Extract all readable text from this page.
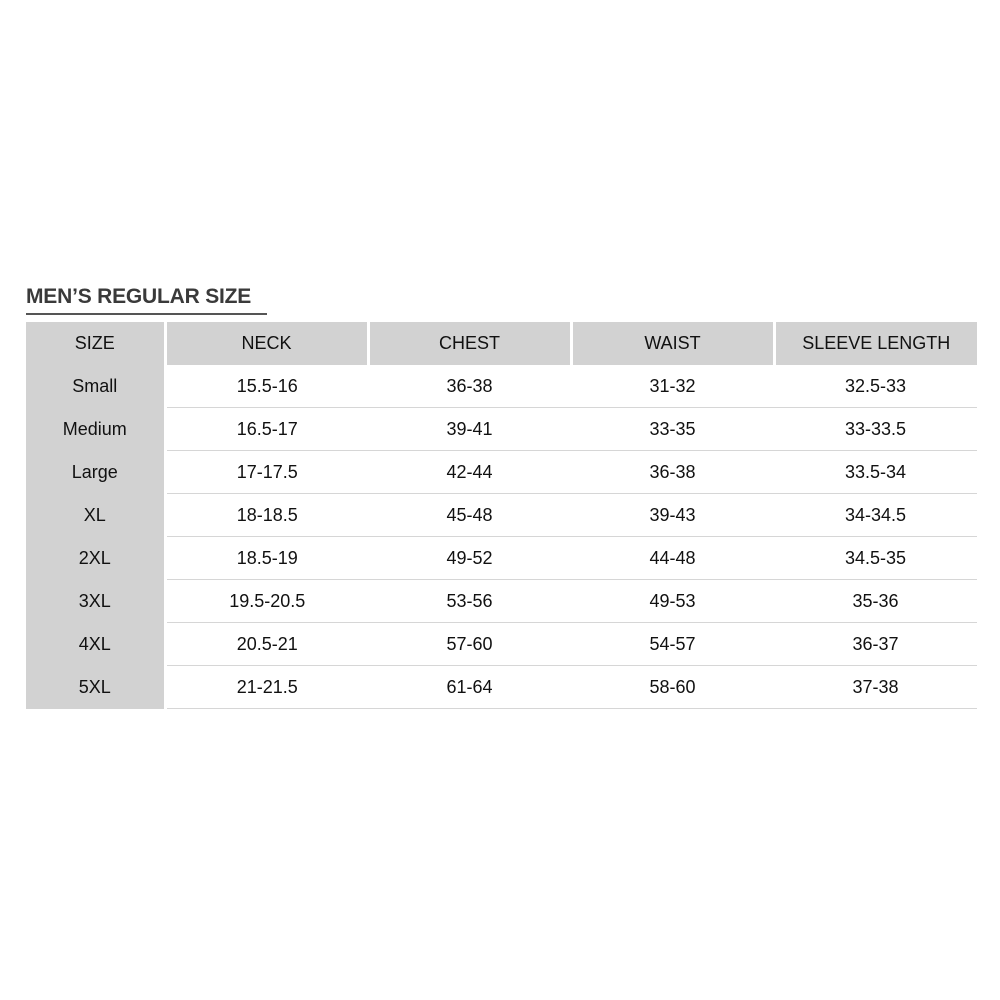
MEN’S REGULAR SIZE
SIZE	NECK	CHEST	WAIST	SLEEVE LENGTH
Small	15.5-16	36-38	31-32	32.5-33
Medium	16.5-17	39-41	33-35	33-33.5
Large	17-17.5	42-44	36-38	33.5-34
XL	18-18.5	45-48	39-43	34-34.5
2XL	18.5-19	49-52	44-48	34.5-35
3XL	19.5-20.5	53-56	49-53	35-36
4XL	20.5-21	57-60	54-57	36-37
5XL	21-21.5	61-64	58-60	37-38
